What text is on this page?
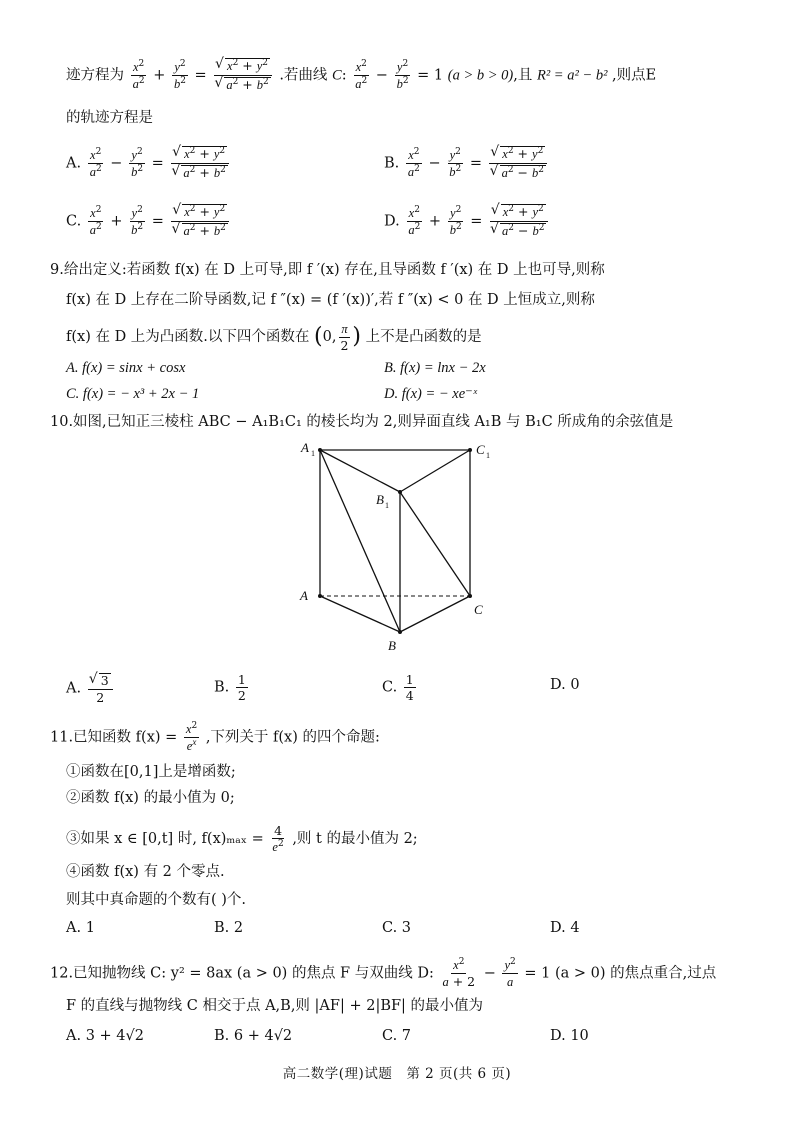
迹方程为 $\frac{x^2}{a^2} + \frac{y^2}{b^2}$ = √ $x^2 + y^2$
√ $a^2 + b^2$ .若曲线 C: $\frac{x^2}{a^2} - \frac{y^2}{b^2} = 1$ (a > b > 0),且 R² = a² − b² ,则点E
的轨迹方程是
A. $\frac{x^2}{a^2} - \frac{y^2}{b^2}$ = √ $x^2 + y^2$
√ $a^2 + b^2$	B. $\frac{x^2}{a^2} - \frac{y^2}{b^2}$ = √ $x^2 + y^2$
√ $a^2 - b^2$
C. $\frac{x^2}{a^2} + \frac{y^2}{b^2}$ = √ $x^2 + y^2$
√ $a^2 + b^2$	D. $\frac{x^2}{a^2} + \frac{y^2}{b^2}$ = √ $x^2 + y^2$
√ $a^2 - b^2$
9.给出定义:若函数 f(x) 在 D 上可导,即 f ′(x) 存在,且导函数 f ′(x) 在 D 上也可导,则称
f(x) 在 D 上存在二阶导函数,记 f ″(x) = (f ′(x))′,若 f ″(x) < 0 在 D 上恒成立,则称
f(x) 在 D 上为凸函数.以下四个函数在 (0, $\frac{\pi}{2}$ ) 上不是凸函数的是
A. f(x) = sinx + cosx	B. f(x) = lnx − 2x
C. f(x) = − x³ + 2x − 1	D. f(x) = − xe⁻ˣ
10.如图,已知正三棱柱 ABC − A₁B₁C₁ 的棱长均为 2,则异面直线 A₁B 与 B₁C 所成角的余弦值是
A 1	C 1
B 1
A
C
B
A. √ $\frac{3}{2}$	B. $\frac{1}{2}$	C. $\frac{1}{4}$	D. 0
11.已知函数 $f(x) = \frac{x^2}{e^x}$ ,下列关于 f(x) 的四个命题:
①函数在[0,1]上是增函数;
②函数 f(x) 的最小值为 0;
③如果 x ∈ [0,t] 时, $f(x)_{max} = \frac{4}{e^2}$ ,则 t 的最小值为 2;
④函数 f(x) 有 2 个零点.
则其中真命题的个数有( )个.
A. 1	B. 2	C. 3	D. 4
12.已知抛物线 C: y² = 8ax (a > 0) 的焦点 F 与双曲线 D: $\frac{x^2}{a + 2} - \frac{y^2}{a} = 1$ (a > 0) 的焦点重合,过点
F 的直线与抛物线 C 相交于点 A,B,则 |AF| + 2|BF| 的最小值为
A. 3 + 4√2	B. 6 + 4√2	C. 7	D. 10
高二数学(理)试题　第 2 页(共 6 页)
